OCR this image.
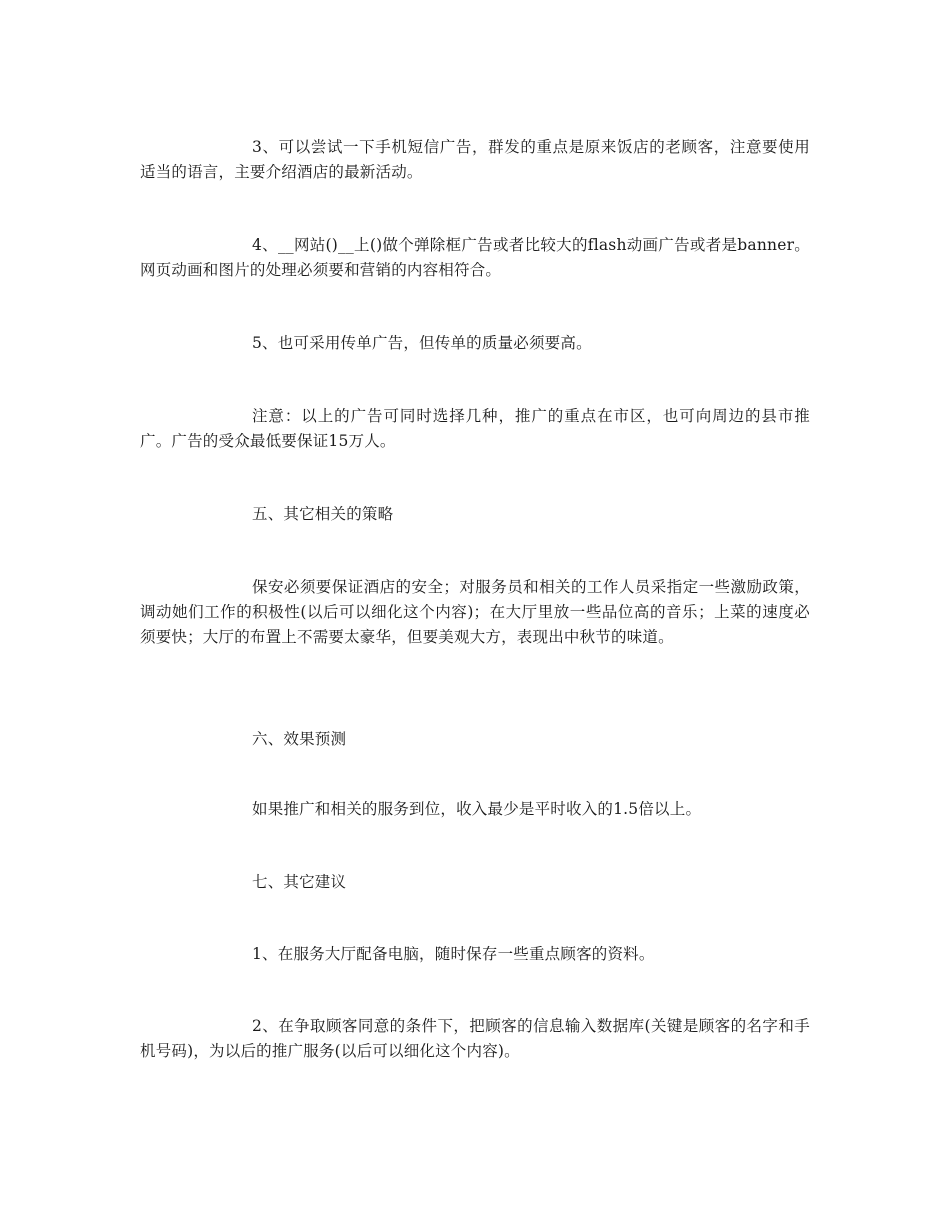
3、可以尝试一下手机短信广告，群发的重点是原来饭店的老顾客，注意要使用适当的语言，主要介绍酒店的最新活动。

4、__网站()__上()做个弹除框广告或者比较大的flash动画广告或者是banner。网页动画和图片的处理必须要和营销的内容相符合。

5、也可采用传单广告，但传单的质量必须要高。

注意：以上的广告可同时选择几种，推广的重点在市区，也可向周边的县市推广。广告的受众最低要保证15万人。

五、其它相关的策略

保安必须要保证酒店的安全；对服务员和相关的工作人员采指定一些激励政策，调动她们工作的积极性(以后可以细化这个内容)；在大厅里放一些品位高的音乐；上菜的速度必须要快；大厅的布置上不需要太豪华，但要美观大方，表现出中秋节的味道。

六、效果预测

如果推广和相关的服务到位，收入最少是平时收入的1.5倍以上。

七、其它建议

1、在服务大厅配备电脑，随时保存一些重点顾客的资料。

2、在争取顾客同意的条件下，把顾客的信息输入数据库(关键是顾客的名字和手机号码)，为以后的推广服务(以后可以细化这个内容)。
